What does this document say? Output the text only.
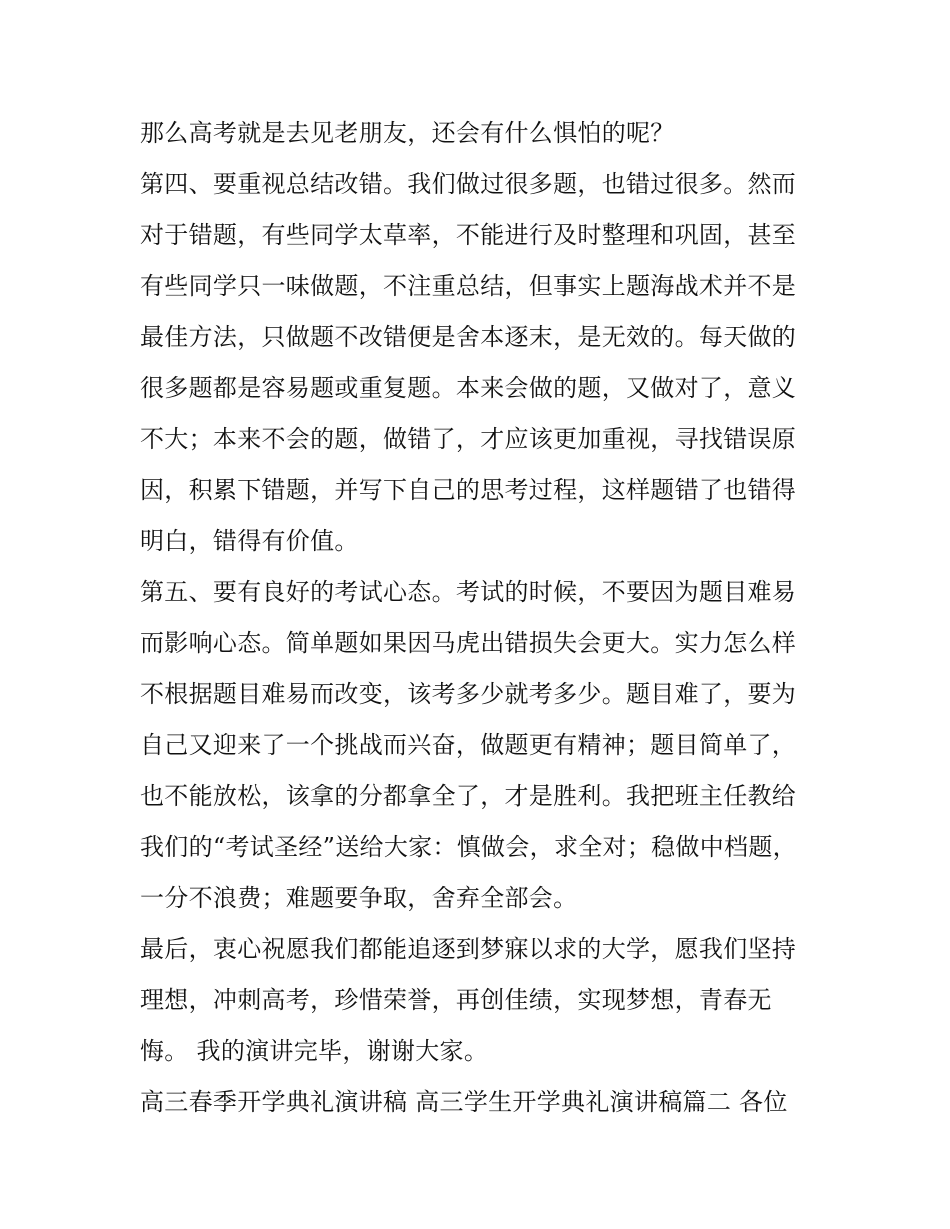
那么高考就是去见老朋友，还会有什么惧怕的呢？
第四、要重视总结改错。我们做过很多题，也错过很多。然而
对于错题，有些同学太草率，不能进行及时整理和巩固，甚至
有些同学只一味做题，不注重总结，但事实上题海战术并不是
最佳方法，只做题不改错便是舍本逐末，是无效的。每天做的
很多题都是容易题或重复题。本来会做的题，又做对了，意义
不大；本来不会的题，做错了，才应该更加重视，寻找错误原
因，积累下错题，并写下自己的思考过程，这样题错了也错得
明白，错得有价值。
第五、要有良好的考试心态。考试的时候，不要因为题目难易
而影响心态。简单题如果因马虎出错损失会更大。实力怎么样
不根据题目难易而改变，该考多少就考多少。题目难了，要为
自己又迎来了一个挑战而兴奋，做题更有精神；题目简单了，
也不能放松，该拿的分都拿全了，才是胜利。我把班主任教给
我们的“考试圣经”送给大家：慎做会，求全对；稳做中档题，
一分不浪费；难题要争取，舍弃全部会。
最后，衷心祝愿我们都能追逐到梦寐以求的大学，愿我们坚持
理想，冲刺高考，珍惜荣誉，再创佳绩，实现梦想，青春无
悔。 我的演讲完毕，谢谢大家。
高三春季开学典礼演讲稿 高三学生开学典礼演讲稿篇二 各位
